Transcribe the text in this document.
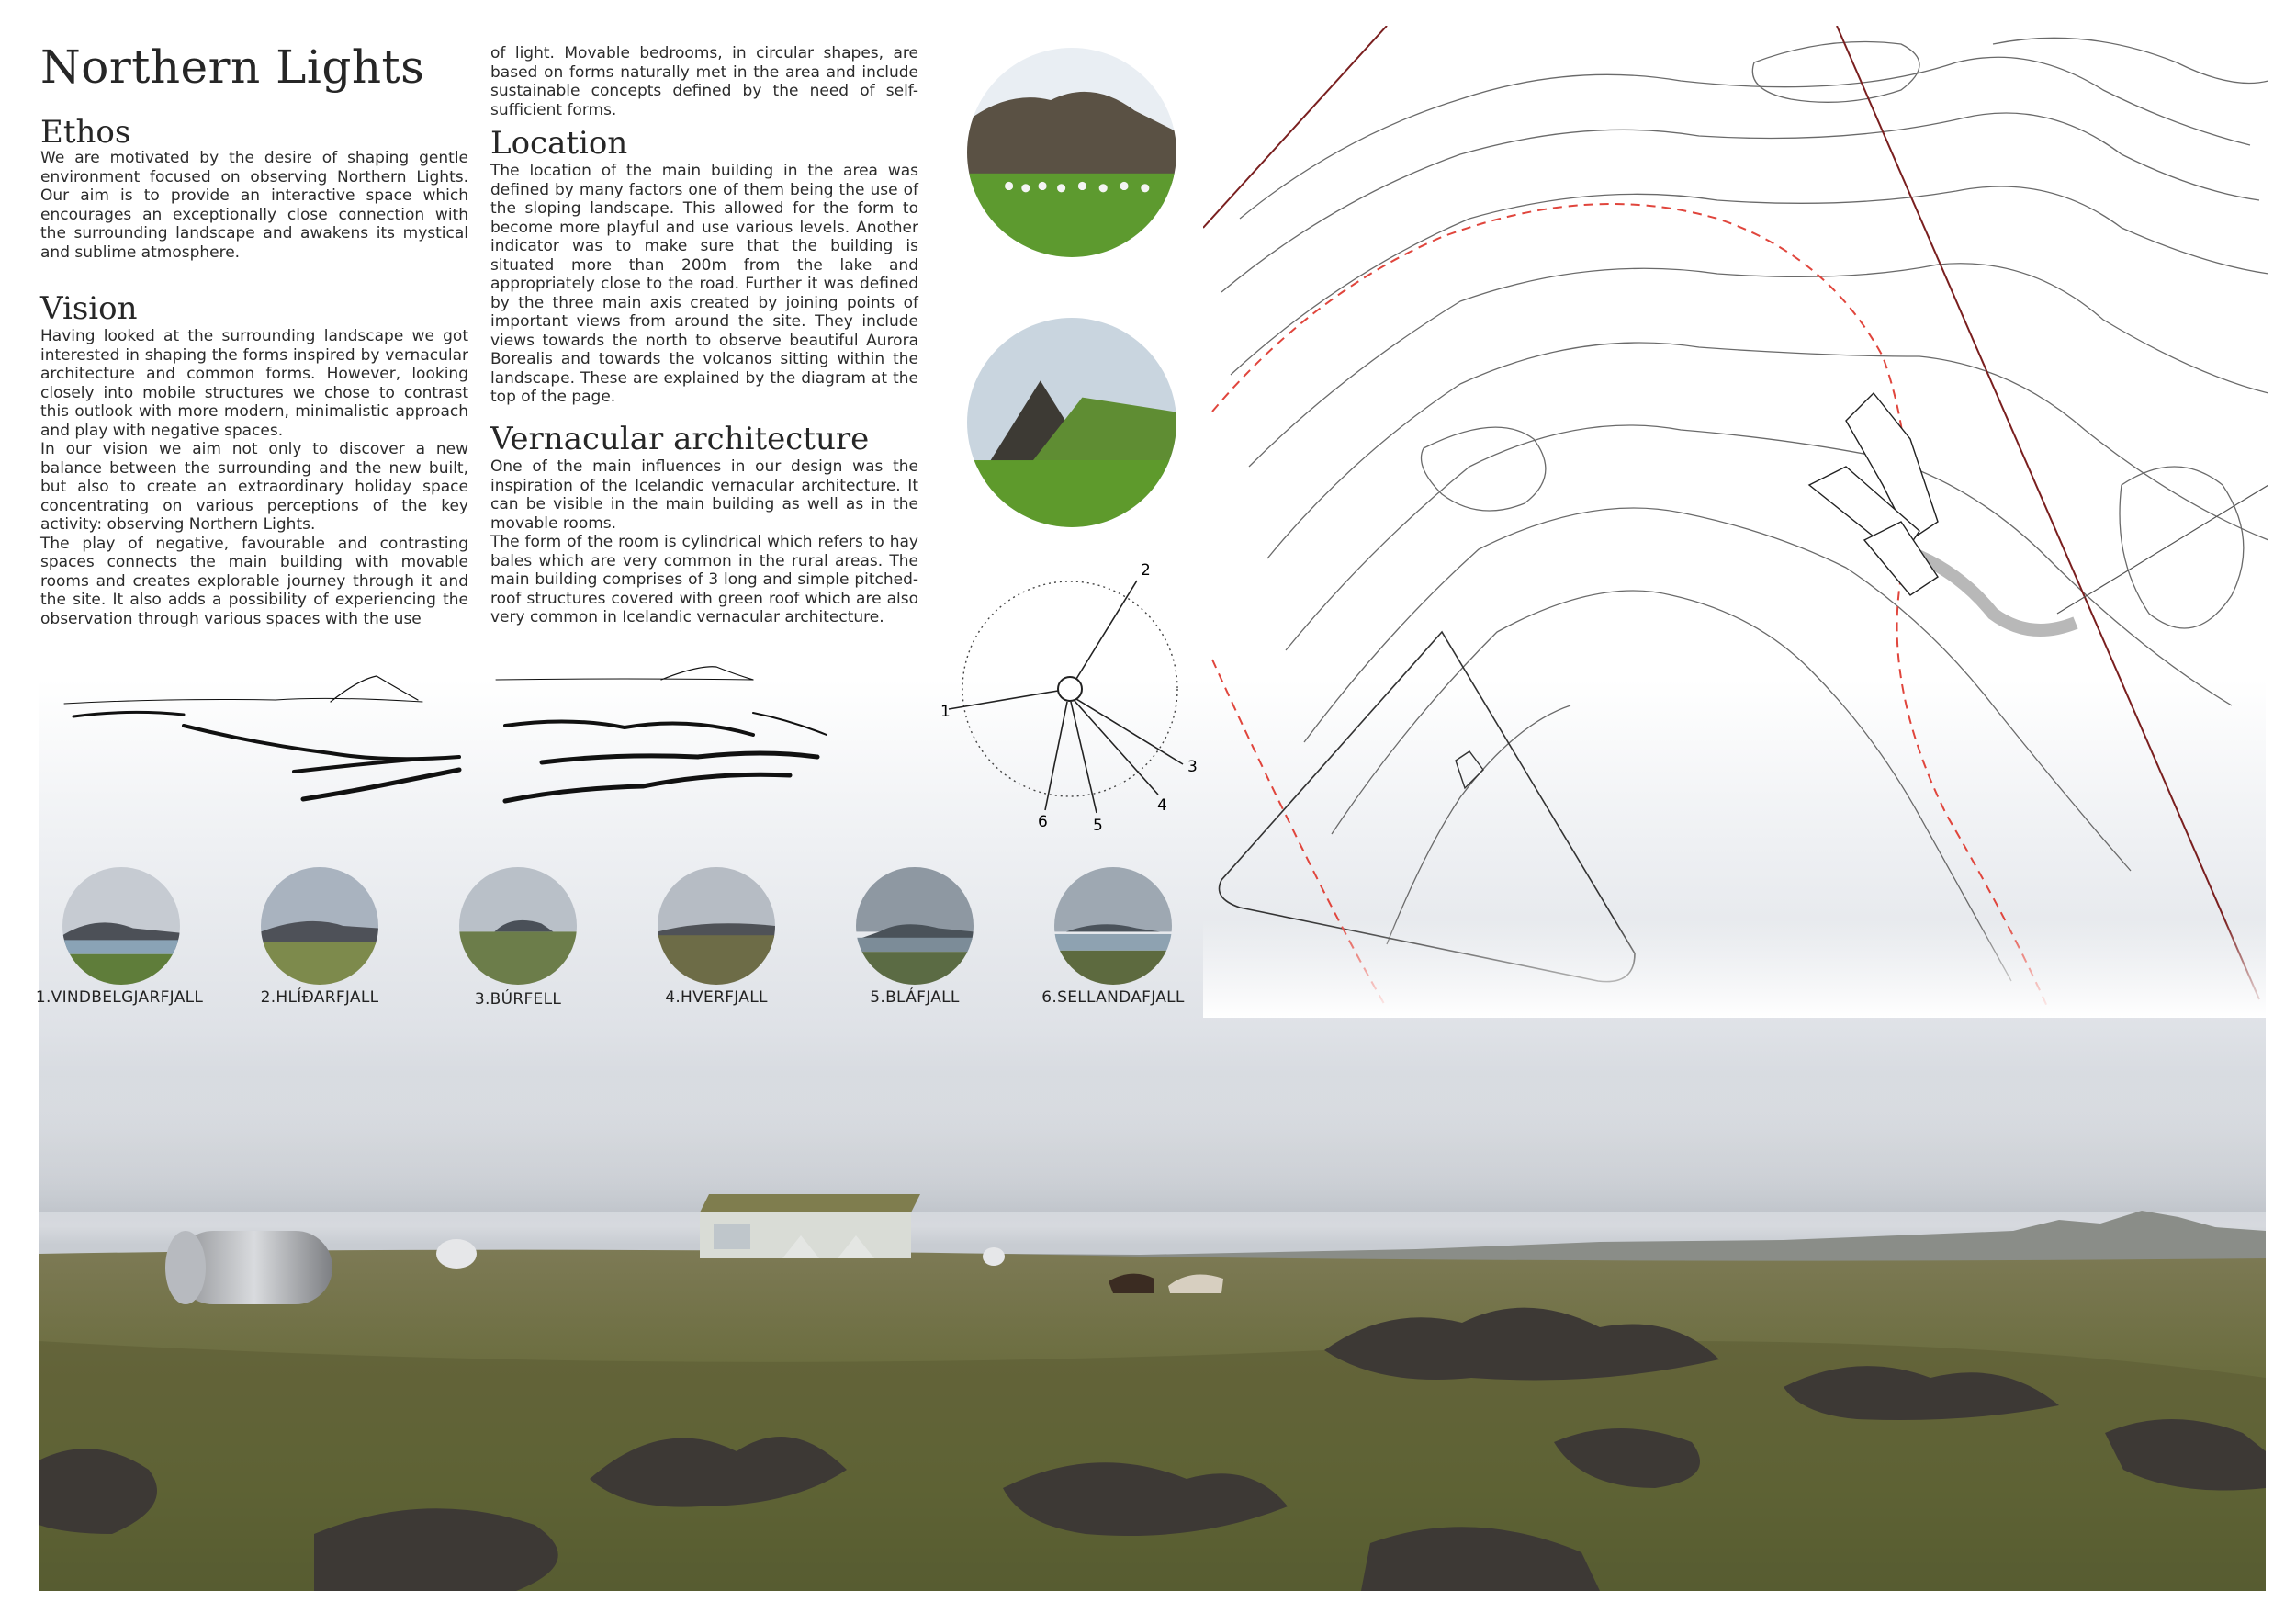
Northern Lights
Ethos

We are motivated by the desire of shaping gentle environment focused on observing Northern Lights. Our aim is to provide an interactive space which encourages an exceptionally close connection with the surrounding landscape and awakens its mystical and sublime atmosphere.

Vision

Having looked at the surrounding landscape we got interested in shaping the forms inspired by vernacular architecture and common forms. However, looking closely into mobile structures we chose to contrast this outlook with more modern, minimalistic approach and play with negative spaces.

In our vision we aim not only to discover a new balance between the surrounding and the new built, but also to create an extraordinary holiday space concentrating on various perceptions of the key activity: observing Northern Lights.

The play of negative, favourable and contrasting spaces connects the main building with movable rooms and creates explorable journey through it and the site. It also adds a possibility of experiencing the observation through various spaces with the use

of light. Movable bedrooms, in circular shapes, are based on forms naturally met in the area and include sustainable concepts defined by the need of self-sufficient forms.

Location

The location of the main building in the area was defined by many factors one of them being the use of the sloping landscape. This allowed for the form to become more playful and use various levels. Another indicator was to make sure that the building is situated more than 200m from the lake and appropriately close to the road. Further it was defined by the three main axis created by joining points of important views from around the site. They include views towards the north to observe beautiful Aurora Borealis and towards the volcanos sitting within the landscape. These are explained by the diagram at the top of the page.

Vernacular architecture

One of the main influences in our design was the inspiration of the Icelandic vernacular architecture. It can be visible in the main building as well as in the movable rooms.

The form of the room is cylindrical which refers to hay bales which are very common in the rural areas. The main building comprises of 3 long and simple pitched-roof structures covered with green roof which are also very common in Icelandic vernacular architecture.

1
2
3
4
5
6
1.VINDBELGJARFJALL	2.HLÍÐARFJALL	3.BÚRFELL	4.HVERFJALL	5.BLÁFJALL	6.SELLANDAFJALL
